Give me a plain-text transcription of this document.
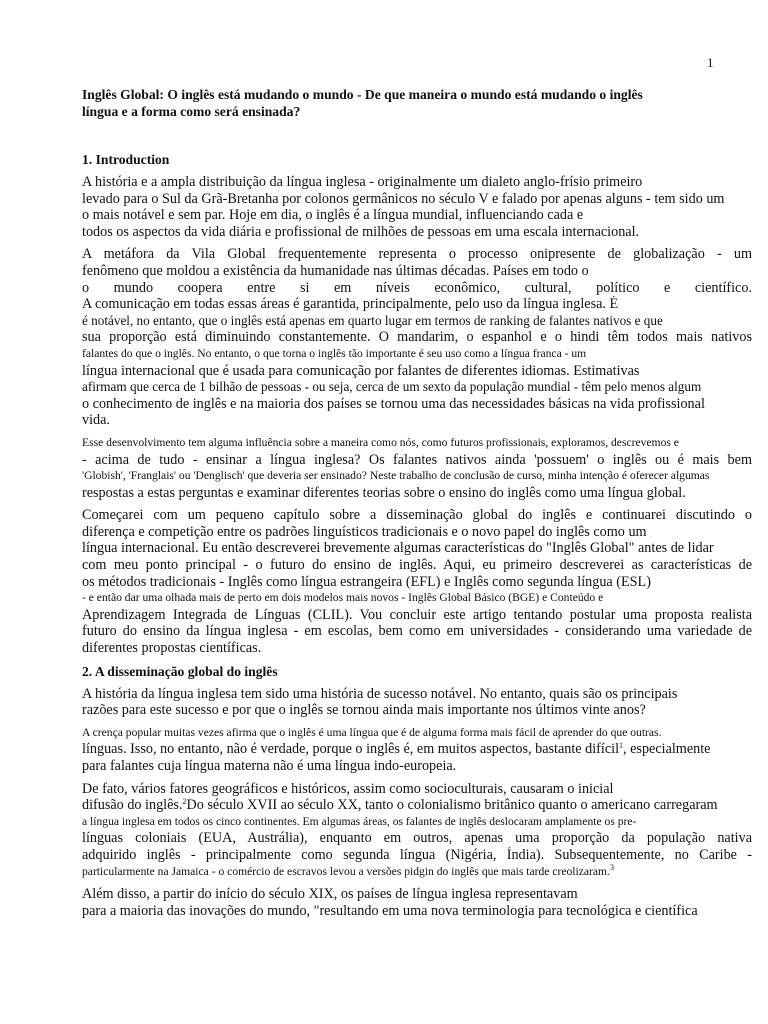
1
Inglês Global: O inglês está mudando o mundo - De que maneira o mundo está mudando o inglês
língua e a forma como será ensinada?
1. Introduction
A história e a ampla distribuição da língua inglesa - originalmente um dialeto anglo-frísio primeiro
levado para o Sul da Grã-Bretanha por colonos germânicos no século V e falado por apenas alguns - tem sido um
o mais notável e sem par. Hoje em dia, o inglês é a língua mundial, influenciando cada e
todos os aspectos da vida diária e profissional de milhões de pessoas em uma escala internacional.
A metáfora da Vila Global frequentemente representa o processo onipresente de globalização - um
fenômeno que moldou a existência da humanidade nas últimas décadas. Países em todo o
o mundo coopera entre si em níveis econômico, cultural, político e científico.
A comunicação em todas essas áreas é garantida, principalmente, pelo uso da língua inglesa. É
é notável, no entanto, que o inglês está apenas em quarto lugar em termos de ranking de falantes nativos e que
sua proporção está diminuindo constantemente. O mandarim, o espanhol e o hindi têm todos mais nativos
falantes do que o inglês. No entanto, o que torna o inglês tão importante é seu uso como a língua franca - um
língua internacional que é usada para comunicação por falantes de diferentes idiomas. Estimativas
afirmam que cerca de 1 bilhão de pessoas - ou seja, cerca de um sexto da população mundial - têm pelo menos algum
o conhecimento de inglês e na maioria dos países se tornou uma das necessidades básicas na vida profissional
vida.
Esse desenvolvimento tem alguma influência sobre a maneira como nós, como futuros profissionais, exploramos, descrevemos e
- acima de tudo - ensinar a língua inglesa? Os falantes nativos ainda 'possuem' o inglês ou é mais bem
'Globish', 'Franglais' ou 'Denglisch' que deveria ser ensinado? Neste trabalho de conclusão de curso, minha intenção é oferecer algumas
respostas a estas perguntas e examinar diferentes teorias sobre o ensino do inglês como uma língua global.
Começarei com um pequeno capítulo sobre a disseminação global do inglês e continuarei discutindo o
diferença e competição entre os padrões linguísticos tradicionais e o novo papel do inglês como um
língua internacional. Eu então descreverei brevemente algumas características do "Inglês Global" antes de lidar
com meu ponto principal - o futuro do ensino de inglês. Aqui, eu primeiro descreverei as características de
os métodos tradicionais - Inglês como língua estrangeira (EFL) e Inglês como segunda língua (ESL)
- e então dar uma olhada mais de perto em dois modelos mais novos - Inglês Global Básico (BGE) e Conteúdo e
Aprendizagem Integrada de Línguas (CLIL). Vou concluir este artigo tentando postular uma proposta realista
futuro do ensino da língua inglesa - em escolas, bem como em universidades - considerando uma variedade de
diferentes propostas científicas.
2. A disseminação global do inglês
A história da língua inglesa tem sido uma história de sucesso notável. No entanto, quais são os principais
razões para este sucesso e por que o inglês se tornou ainda mais importante nos últimos vinte anos?
A crença popular muitas vezes afirma que o inglês é uma língua que é de alguma forma mais fácil de aprender do que outras.
línguas. Isso, no entanto, não é verdade, porque o inglês é, em muitos aspectos, bastante difícil$^1$, especialmente
para falantes cuja língua materna não é uma língua indo-europeia.
De fato, vários fatores geográficos e históricos, assim como socioculturais, causaram o inicial
difusão do inglês.$^2$Do século XVII ao século XX, tanto o colonialismo britânico quanto o americano carregaram
a língua inglesa em todos os cinco continentes. Em algumas áreas, os falantes de inglês deslocaram amplamente os pre-
línguas coloniais (EUA, Austrália), enquanto em outros, apenas uma proporção da população nativa
adquirido inglês - principalmente como segunda língua (Nigéria, Índia). Subsequentemente, no Caribe -
particularmente na Jamaica - o comércio de escravos levou a versões pidgin do inglês que mais tarde creolizaram.$^3$
Além disso, a partir do início do século XIX, os países de língua inglesa representavam
para a maioria das inovações do mundo, "resultando em uma nova terminologia para tecnológica e científica
